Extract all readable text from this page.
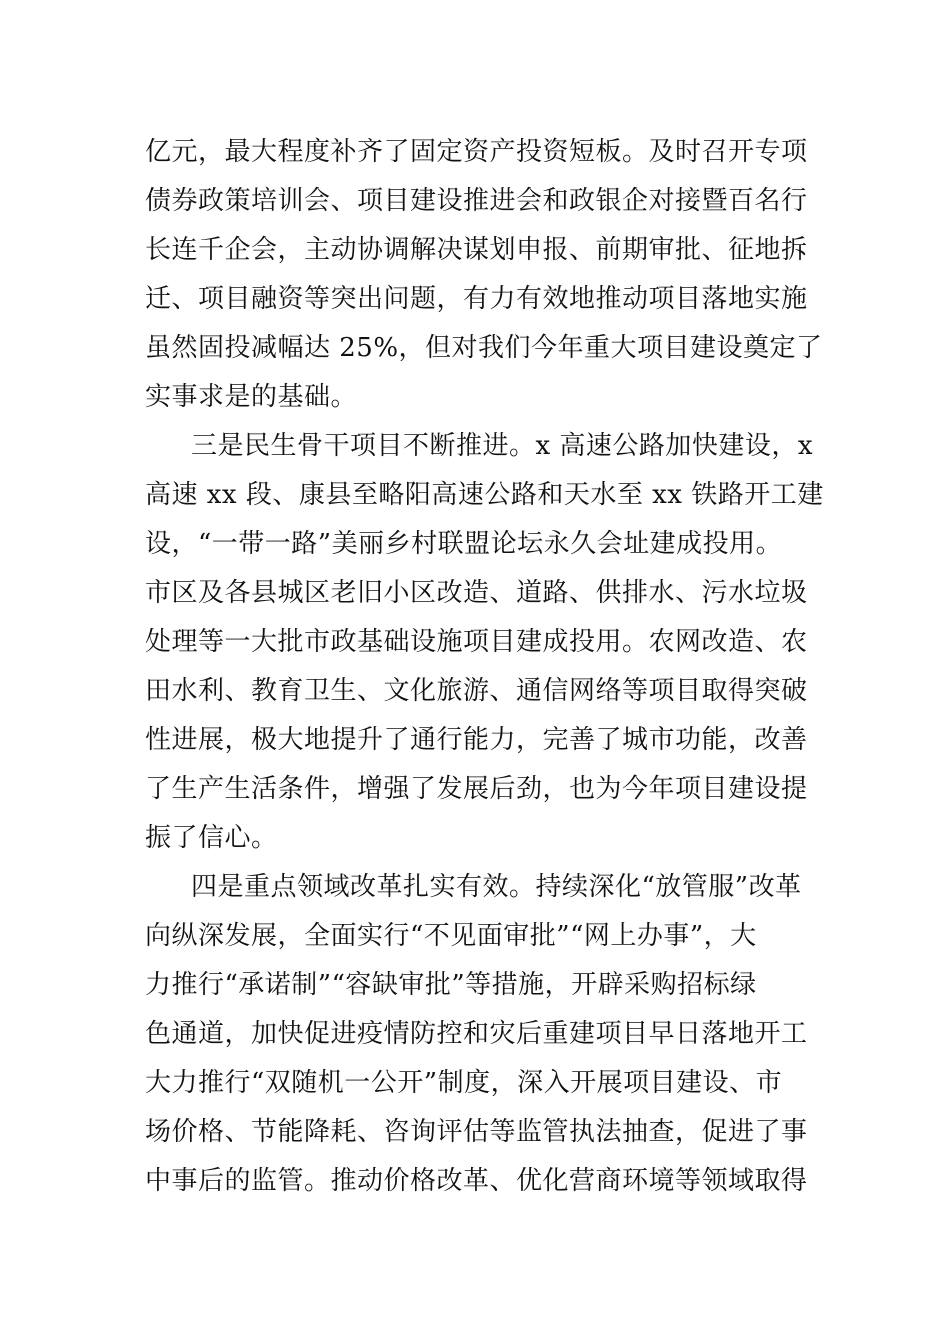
亿元，最大程度补齐了固定资产投资短板。及时召开专项
债券政策培训会、项目建设推进会和政银企对接暨百名行
长连千企会，主动协调解决谋划申报、前期审批、征地拆
迁、项目融资等突出问题，有力有效地推动项目落地实施
虽然固投减幅达 25%，但对我们今年重大项目建设奠定了
实事求是的基础。
三是民生骨干项目不断推进。x 高速公路加快建设，x
高速 xx 段、康县至略阳高速公路和天水至 xx 铁路开工建
设，“一带一路”美丽乡村联盟论坛永久会址建成投用。
市区及各县城区老旧小区改造、道路、供排水、污水垃圾
处理等一大批市政基础设施项目建成投用。农网改造、农
田水利、教育卫生、文化旅游、通信网络等项目取得突破
性进展，极大地提升了通行能力，完善了城市功能，改善
了生产生活条件，增强了发展后劲，也为今年项目建设提
振了信心。
四是重点领域改革扎实有效。持续深化“放管服”改革
向纵深发展，全面实行“不见面审批”“网上办事”，大
力推行“承诺制”“容缺审批”等措施，开辟采购招标绿
色通道，加快促进疫情防控和灾后重建项目早日落地开工
大力推行“双随机一公开”制度，深入开展项目建设、市
场价格、节能降耗、咨询评估等监管执法抽查，促进了事
中事后的监管。推动价格改革、优化营商环境等领域取得
